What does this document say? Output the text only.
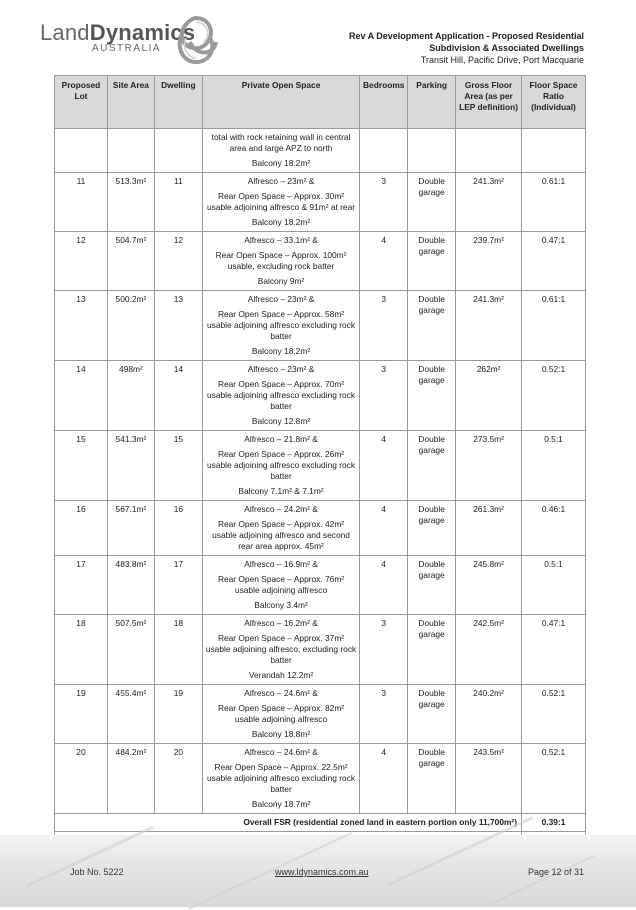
LandDynamics
AUSTRALIA
Rev A Development Application - Proposed Residential
Subdivision & Associated Dwellings
Transit Hill, Pacific Drive, Port Macquarie
Proposed Lot	Site Area	Dwelling	Private Open Space	Bedrooms	Parking	Gross Floor Area (as per LEP definition)	Floor Space Ratio (Individual)

			total with rock retaining wall in central area and large APZ to north

Balcony 18.2m²				

11	513.3m²	11	Alfresco – 23m² &

Rear Open Space – Approx. 30m² usable adjoining alfresco & 91m² at rear

Balcony 18.2m²	3	Double garage	241.3m²	0.61:1
12	504.7m²	12	Alfresco – 33.1m² &

Rear Open Space – Approx. 100m² usable, excluding rock batter

Balcony 9m²	4	Double garage	239.7m²	0.47:1
13	500.2m²	13	Alfresco – 23m² &

Rear Open Space – Approx. 58m² usable adjoining alfresco excluding rock batter

Balcony 18.2m²	3	Double garage	241.3m²	0.61:1
14	498m²	14	Alfresco – 23m² &

Rear Open Space – Approx. 70m² usable adjoining alfresco excluding rock batter

Balcony 12.8m²	3	Double garage	262m²	0.52:1
15	541.3m²	15	Alfresco – 21.8m² &

Rear Open Space – Approx. 26m² usable adjoining alfresco excluding rock batter

Balcony 7.1m² & 7.1m²	4	Double garage	273.5m²	0.5:1
16	567.1m²	16	Alfresco – 24.2m² &

Rear Open Space – Approx. 42m² usable adjoining alfresco and second rear area approx. 45m²	4	Double garage	261.3m²	0.46:1
17	483.8m²	17	Alfresco – 16.9m² &

Rear Open Space – Approx. 76m² usable adjoining alfresco

Balcony 3.4m²	4	Double garage	245.8m²	0.5:1
18	507.5m²	18	Alfresco – 16.2m² &

Rear Open Space – Approx. 37m² usable adjoining alfresco, excluding rock batter

Verandah 12.2m²	3	Double garage	242.5m²	0.47:1
19	455.4m²	19	Alfresco – 24.6m² &

Rear Open Space – Approx. 82m² usable adjoining alfresco

Balcony 18.8m²	3	Double garage	240.2m²	0.52:1
20	484.2m²	20	Alfresco – 24.6m² &

Rear Open Space – Approx. 22.5m² usable adjoining alfresco excluding rock batter

Balcony 18.7m²	4	Double garage	243.5m²	0.52:1
Overall FSR (residential zoned land in eastern portion only 11,700m²)							0.39:1

Job No. 5222	www.ldynamics.com.au	Page 12 of 31
